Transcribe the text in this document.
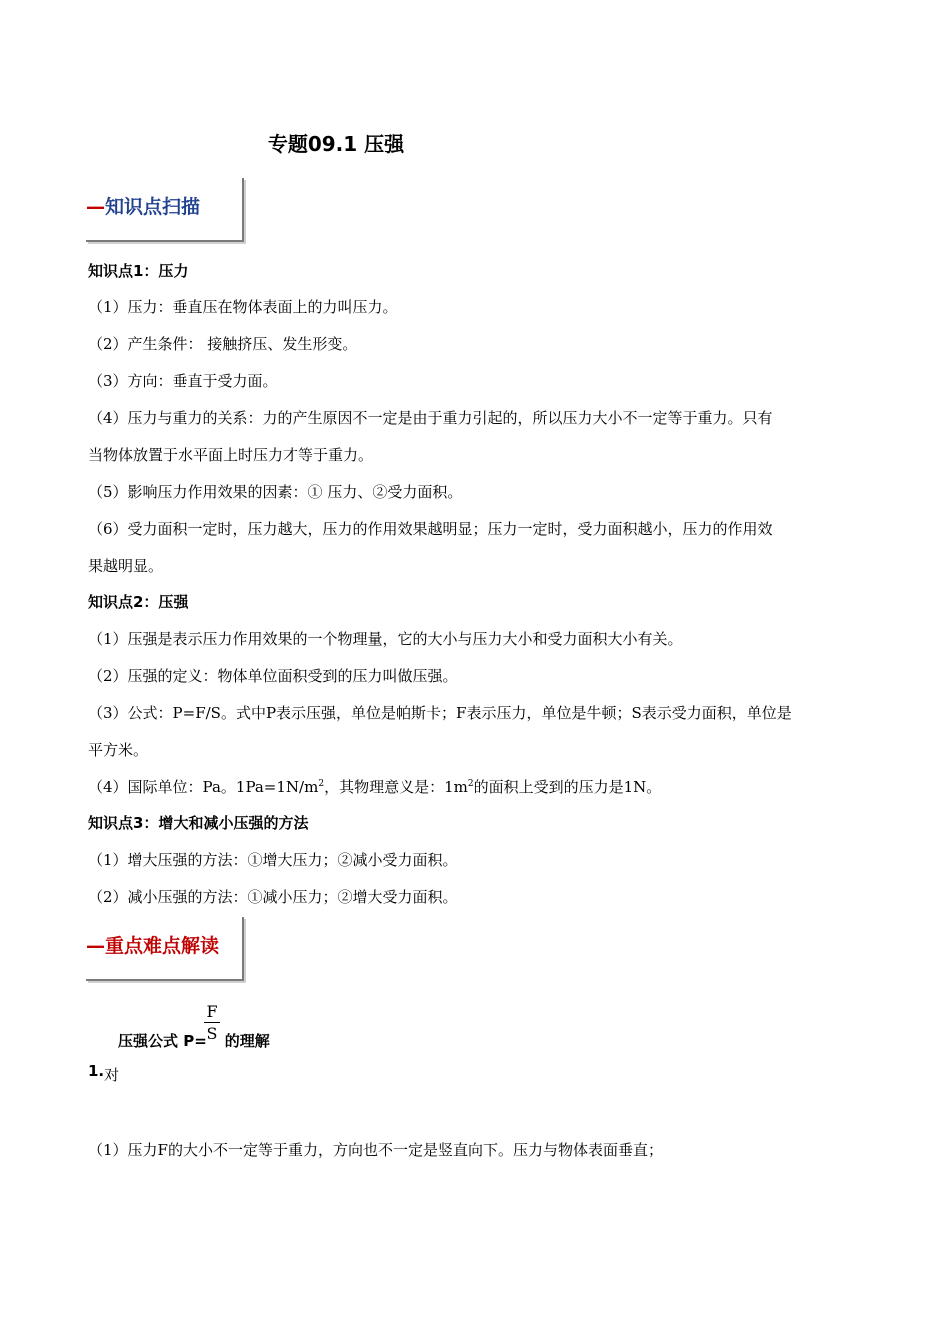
专题09.1 压强
—知识点扫描
知识点1：压力
（1）压力：垂直压在物体表面上的力叫压力。
（2）产生条件： 接触挤压、发生形变。
（3）方向：垂直于受力面。
（4）压力与重力的关系：力的产生原因不一定是由于重力引起的，所以压力大小不一定等于重力。只有
当物体放置于水平面上时压力才等于重力。
（5）影响压力作用效果的因素：① 压力、②受力面积。
（6）受力面积一定时，压力越大，压力的作用效果越明显；压力一定时，受力面积越小，压力的作用效
果越明显。
知识点2：压强
（1）压强是表示压力作用效果的一个物理量，它的大小与压力大小和受力面积大小有关。
（2）压强的定义：物体单位面积受到的压力叫做压强。
（3）公式：P=F/S。式中P表示压强，单位是帕斯卡；F表示压力，单位是牛顿；S表示受力面积，单位是
平方米。
（4）国际单位：Pa。$1Pa=1N/m^2$，其物理意义是：$1m^2$的面积上受到的压力是1N。
知识点3：增大和减小压强的方法
（1）增大压强的方法：①增大压力；②减小受力面积。
（2）减小压强的方法：①减小压力；②增大受力面积。
—重点难点解读
压强公式 P= 的理解
$\frac{F}{S}$
1.对
（1）压力F的大小不一定等于重力，方向也不一定是竖直向下。压力与物体表面垂直；
